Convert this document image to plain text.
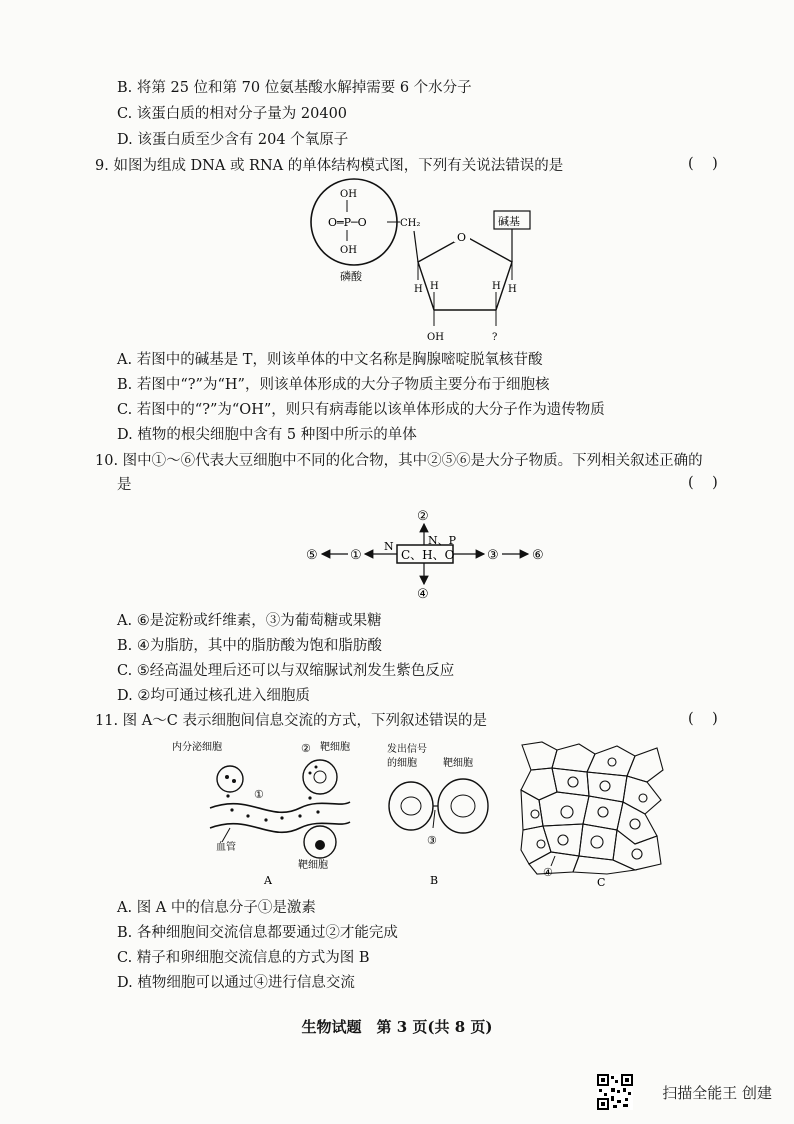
B. 将第 25 位和第 70 位氨基酸水解掉需要 6 个水分子
C. 该蛋白质的相对分子量为 20400
D. 该蛋白质至少含有 204 个氧原子
9. 如图为组成 DNA 或 RNA 的单体结构模式图，下列有关说法错误的是	(    )
OH
O═P─O
OH
CH₂
磷酸
O
碱基
H	H
H	H
OH	?
A. 若图中的碱基是 T，则该单体的中文名称是胸腺嘧啶脱氧核苷酸
B. 若图中“?”为“H”，则该单体形成的大分子物质主要分布于细胞核
C. 若图中的“?”为“OH”，则只有病毒能以该单体形成的大分子作为遗传物质
D. 植物的根尖细胞中含有 5 种图中所示的单体
10. 图中①～⑥代表大豆细胞中不同的化合物，其中②⑤⑥是大分子物质。下列相关叙述正确的
是	(    )
C、H、O
②
N、P
④
N
①
⑤	③	⑥
A. ⑥是淀粉或纤维素，③为葡萄糖或果糖
B. ④为脂肪，其中的脂肪酸为饱和脂肪酸
C. ⑤经高温处理后还可以与双缩脲试剂发生紫色反应
D. ②均可通过核孔进入细胞质
11. 图 A～C 表示细胞间信息交流的方式，下列叙述错误的是	(    )
内分泌细胞	靶细胞
②
①
血管
靶细胞
A
发出信号
的细胞	靶细胞
③
B
④
C
A. 图 A 中的信息分子①是激素
B. 各种细胞间交流信息都要通过②才能完成
C. 精子和卵细胞交流信息的方式为图 B
D. 植物细胞可以通过④进行信息交流
生物试题　第 3 页(共 8 页)
扫描全能王 创建
